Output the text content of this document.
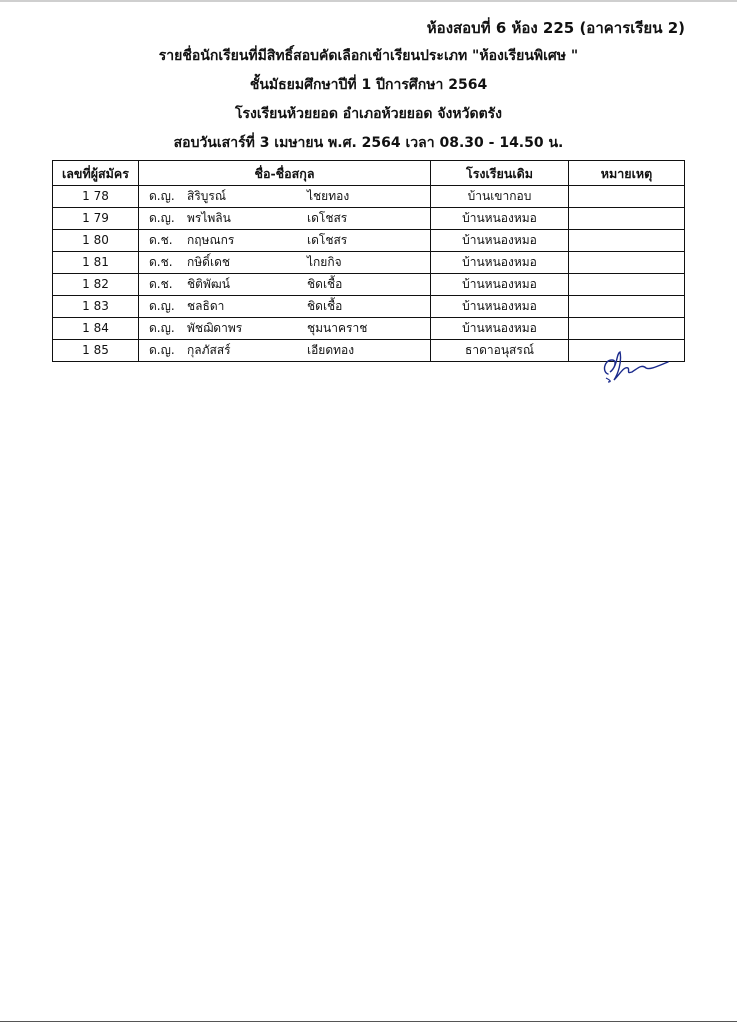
ห้องสอบที่ 6 ห้อง 225 (อาคารเรียน 2)
รายชื่อนักเรียนที่มีสิทธิ์สอบคัดเลือกเข้าเรียนประเภท "ห้องเรียนพิเศษ "
ชั้นมัธยมศึกษาปีที่ 1 ปีการศึกษา 2564
โรงเรียนห้วยยอด อำเภอห้วยยอด จังหวัดตรัง
สอบวันเสาร์ที่ 3 เมษายน พ.ศ. 2564 เวลา 08.30 - 14.50 น.
เลขที่ผู้สมัคร	ชื่อ-ชื่อสกุล	โรงเรียนเดิม	หมายเหตุ
1 78	ด.ญ. สิริบูรณ์ ไชยทอง	บ้านเขากอบ	
1 79	ด.ญ. พรไพลิน เดโชสร	บ้านหนองหมอ	
1 80	ด.ช. กฤษณกร เดโชสร	บ้านหนองหมอ	
1 81	ด.ช. กษิดิ์เดช ไกยกิจ	บ้านหนองหมอ	
1 82	ด.ช. ชิติพัฒน์ ชิดเชื้อ	บ้านหนองหมอ	
1 83	ด.ญ. ชลธิดา ชิดเชื้อ	บ้านหนองหมอ	
1 84	ด.ญ. พัชฌิดาพร ชุมนาคราช	บ้านหนองหมอ	
1 85	ด.ญ. กุลภัสสร์ เอียดทอง	ธาดาอนุสรณ์	
